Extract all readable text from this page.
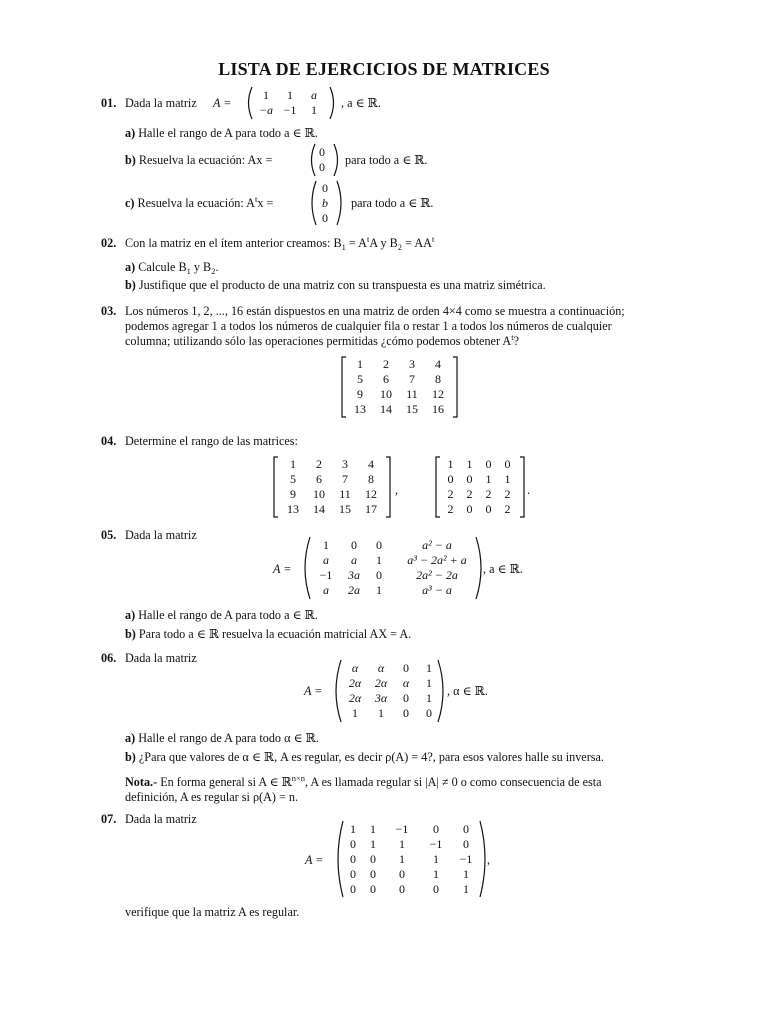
LISTA DE EJERCICIOS DE MATRICES
01. Dada la matriz A =
1	1	a
−a	−1	1 , a ∈ ℝ.
a) Halle el rango de A para todo a ∈ ℝ.
b) Resuelva la ecuación: Ax =
0
0 para todo a ∈ ℝ.
c) Resuelva la ecuación: $A^tx$ =
0
b
0
para todo a ∈ ℝ.
02. Con la matriz en el ítem anterior creamos: $B_1 = A^tA$ y $B_2 = AA^t$
a) Calcule $B_1$ y $B_2$.
b) Justifique que el producto de una matriz con su transpuesta es una matriz simétrica.
03. Los números 1, 2, ..., 16 están dispuestos en una matriz de orden 4×4 como se muestra a continuación;
podemos agregar 1 a todos los números de cualquier fila o restar 1 a todos los números de cualquier
columna; utilizando sólo las operaciones permitidas ¿cómo podemos obtener $A^t$?
1	2	3	4
5	6	7	8
9	10	11	12
13	14	15	16
04. Determine el rango de las matrices:
1	2	3	4
5	6	7	8
9	10	11	12
13	14	15	17
,
1	1	0	0
0	0	1	1
2	2	2	2
2	0	0	2
.
05. Dada la matriz
A =
1	0	0	a² − a
a	a	1	a³ − 2a² + a
−1	3a	0	2a² − 2a
a	2a	1	a³ − a
, a ∈ ℝ.
a) Halle el rango de A para todo a ∈ ℝ.
b) Para todo a ∈ ℝ resuelva la ecuación matricial AX = A.
06. Dada la matriz
A =
α	α	0	1
2α	2α	α	1
2α	3α	0	1
1	1	0	0
, α ∈ ℝ.
a) Halle el rango de A para todo α ∈ ℝ.
b) ¿Para que valores de α ∈ ℝ, A es regular, es decir ρ(A) = 4?, para esos valores halle su inversa.
Nota.- En forma general si A ∈ ℝ$^{n\times n}$, A es llamada regular si |A| ≠ 0 o como consecuencia de esta
definición, A es regular si ρ(A) = n.
07. Dada la matriz
A =
1	1	−1	0	0
0	1	1	−1	0
0	0	1	1	−1
0	0	0	1	1
0	0	0	0	1
,
verifique que la matriz A es regular.
